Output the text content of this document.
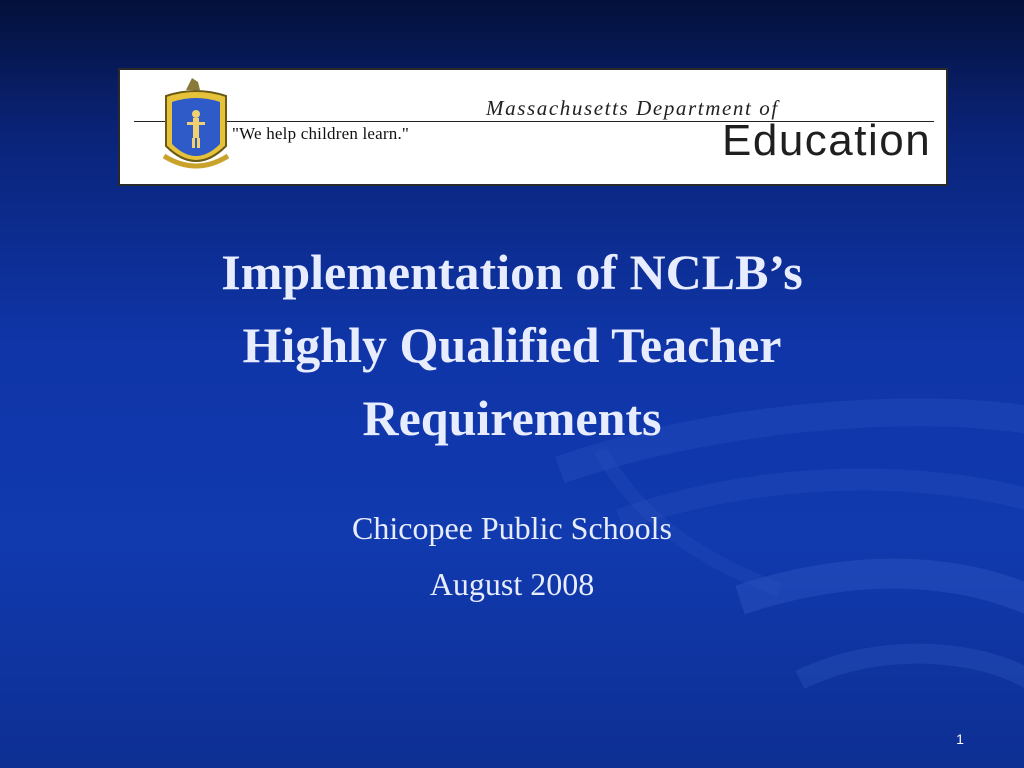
"We help children learn."
Massachusetts Department of
Education
Implementation of NCLB’s
Highly Qualified Teacher
Requirements
Chicopee Public Schools
August 2008
1
